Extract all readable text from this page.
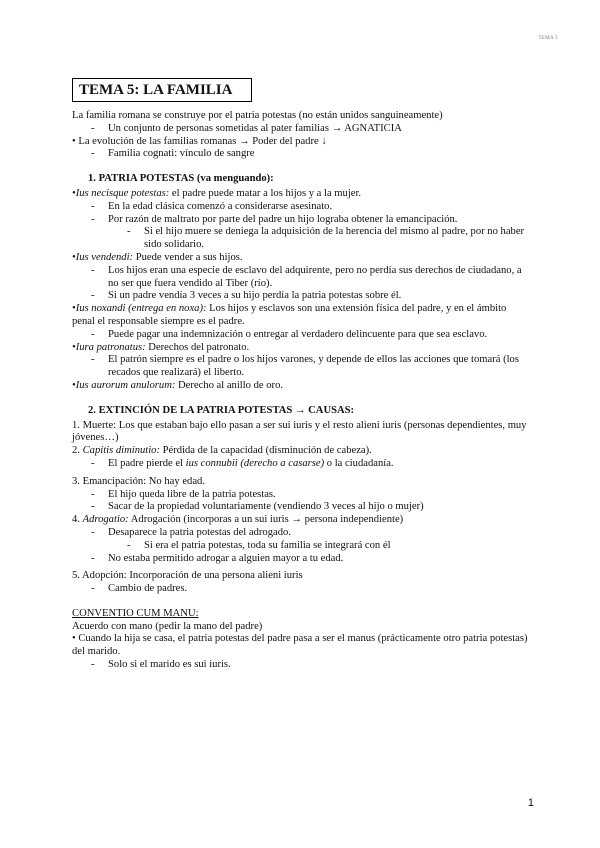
TEMA 5
TEMA 5: LA FAMILIA

La familia romana se construye por el patria potestas (no están unidos sanguineamente)

- Un conjunto de personas sometidas al pater familias → AGNATICIA

• La evolución de las familias romanas → Poder del padre ↓

- Familia cognati: vínculo de sangre

1. PATRIA POTESTAS (va menguando):

•Ius necisque potestas: el padre puede matar a los hijos y a la mujer.

- En la edad clásica comenzó a considerarse asesinato.

- Por razón de maltrato por parte del padre un hijo lograba obtener la emancipación.

- Si el hijo muere se deniega la adquisición de la herencia del mismo al padre, por no haber sido solidario.

•Ius vendendi: Puede vender a sus hijos.

- Los hijos eran una especie de esclavo del adquirente, pero no perdía sus derechos de ciudadano, a no ser que fuera vendido al Tiber (río).

- Si un padre vendía 3 veces a su hijo perdía la patria potestas sobre él.

•Ius noxandi (entrega en noxa): Los hijos y esclavos son una extensión física del padre, y en el ámbito penal el responsable siempre es el padre.

- Puede pagar una indemnización o entregar al verdadero delincuente para que sea esclavo.

•Iura patronatus: Derechos del patronato.

- El patrón siempre es el padre o los hijos varones, y depende de ellos las acciones que tomará (los recados que realizará) el liberto.

•Ius aurorum anulorum: Derecho al anillo de oro.

2. EXTINCIÓN DE LA PATRIA POTESTAS → CAUSAS:

1. Muerte: Los que estaban bajo ello pasan a ser sui iuris y el resto alieni iuris (personas dependientes, muy jóvenes…)

2. Capitis diminutio: Pérdida de la capacidad (disminución de cabeza).

- El padre pierde el ius connubii (derecho a casarse) o la ciudadanía.

3. Emancipación: No hay edad.

- El hijo queda libre de la patria potestas.

- Sacar de la propiedad voluntariamente (vendiendo 3 veces al hijo o mujer)

4. Adrogatio: Adrogación (incorporas a un sui iuris → persona independiente)

- Desaparece la patria potestas del adrogado.

- Si era el patria potestas, toda su familia se integrará con él

- No estaba permitido adrogar a alguien mayor a tu edad.

5. Adopción: Incorporación de una persona alieni iuris

- Cambio de padres.

CONVENTIO CUM MANU:

Acuerdo con mano (pedir la mano del padre)

• Cuando la hija se casa, el patria potestas del padre pasa a ser el manus (prácticamente otro patria potestas) del marido.

- Solo si el marido es sui iuris.

1
